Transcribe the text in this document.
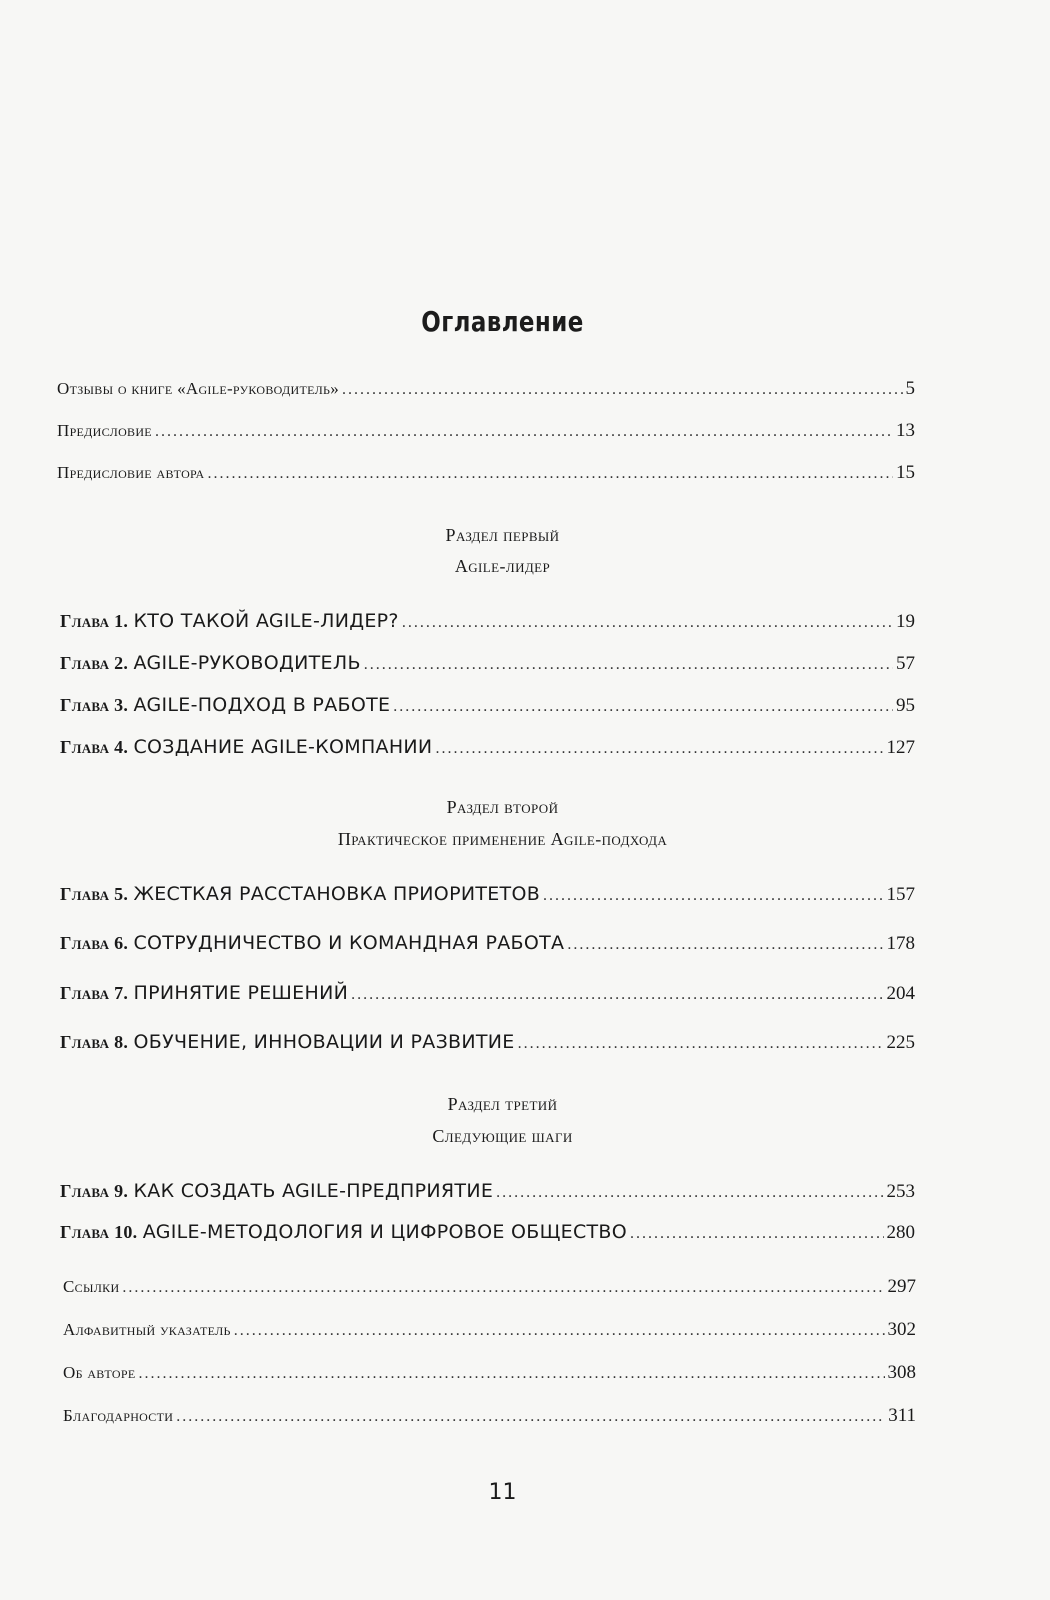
Оглавление
Отзывы о книге «Agile-руководитель» .....	5
Предисловие .....	13
Предисловие автора .....	15
Раздел первый
Agile-лидер
Глава 1. КТО ТАКОЙ AGILE-ЛИДЕР? .....	19
Глава 2. AGILE-РУКОВОДИТЕЛЬ .....	57
Глава 3. AGILE-ПОДХОД В РАБОТЕ .....	95
Глава 4. СОЗДАНИЕ AGILE-КОМПАНИИ .....	127
Раздел второй
Практическое применение Agile-подхода
Глава 5. ЖЕСТКАЯ РАССТАНОВКА ПРИОРИТЕТОВ .....	157
Глава 6. СОТРУДНИЧЕСТВО И КОМАНДНАЯ РАБОТА .....	178
Глава 7. ПРИНЯТИЕ РЕШЕНИЙ .....	204
Глава 8. ОБУЧЕНИЕ, ИННОВАЦИИ И РАЗВИТИЕ .....	225
Раздел третий
Следующие шаги
Глава 9. КАК СОЗДАТЬ AGILE-ПРЕДПРИЯТИЕ .....	253
Глава 10. AGILE-МЕТОДОЛОГИЯ И ЦИФРОВОЕ ОБЩЕСТВО .....	280
Ссылки .....	297
Алфавитный указатель .....	302
Об авторе .....	308
Благодарности .....	311
11
